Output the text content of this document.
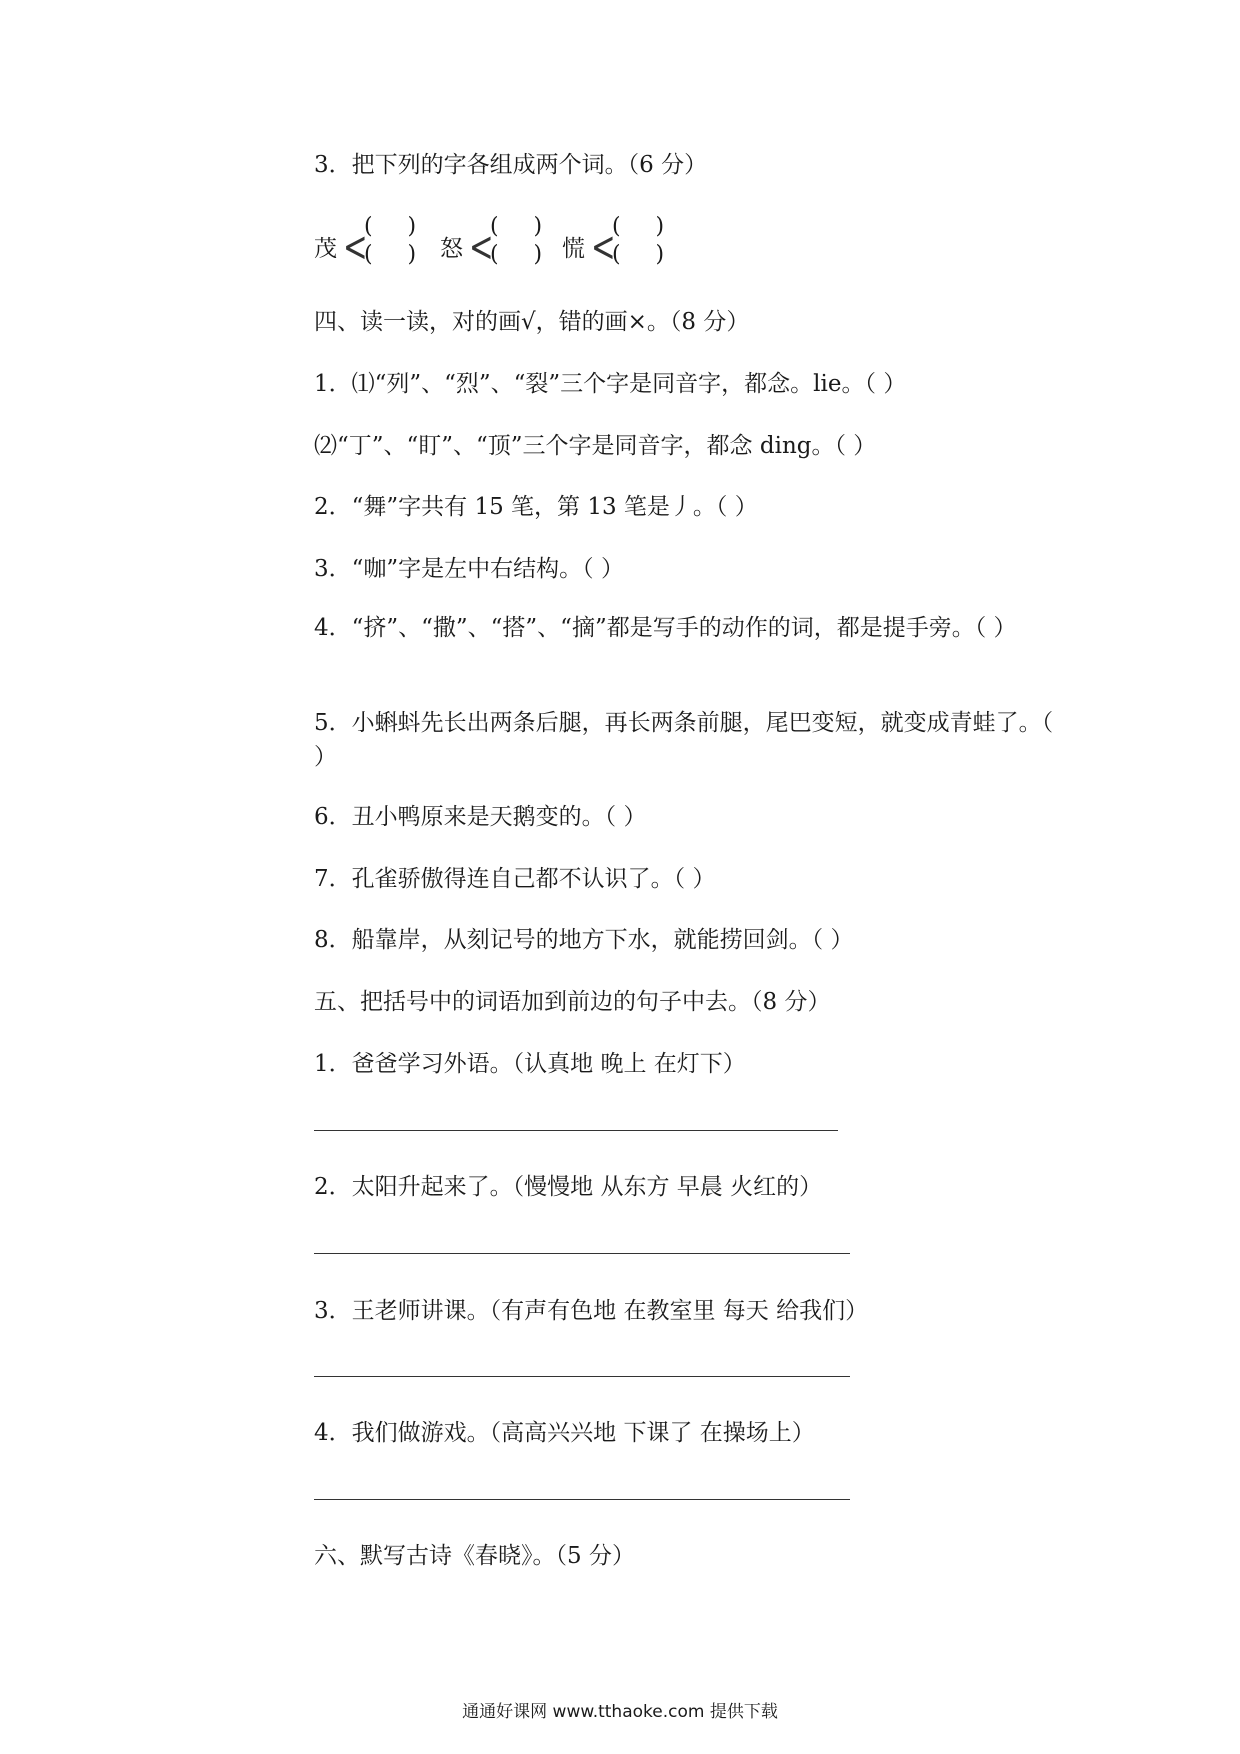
3．把下列的字各组成两个词。（6 分）
茂 <
(     )
(     ) 怒 <
(     )
(     ) 慌 <
(     )
(     )
四、读一读，对的画√，错的画×。（8 分）
1．⑴“列”、“烈”、“裂”三个字是同音字，都念。lie。（ ）
⑵“丁”、“盯”、“顶”三个字是同音字，都念 ding。（ ）
2．“舞”字共有 15 笔，第 13 笔是丿。（ ）
3．“咖”字是左中右结构。（ ）
4．“挤”、“撒”、“搭”、“摘”都是写手的动作的词，都是提手旁。（ ）
5．小蝌蚪先长出两条后腿，再长两条前腿，尾巴变短，就变成青蛙了。（ ）
6．丑小鸭原来是天鹅变的。（ ）
7．孔雀骄傲得连自己都不认识了。（ ）
8．船靠岸，从刻记号的地方下水，就能捞回剑。（ ）
五、把括号中的词语加到前边的句子中去。（8 分）
1．爸爸学习外语。（认真地 晚上 在灯下）
2．太阳升起来了。（慢慢地 从东方 早晨 火红的）
3．王老师讲课。（有声有色地 在教室里 每天 给我们）
4．我们做游戏。（高高兴兴地 下课了 在操场上）
六、默写古诗《春晓》。（5 分）
通通好课网 www.tthaoke.com 提供下载
